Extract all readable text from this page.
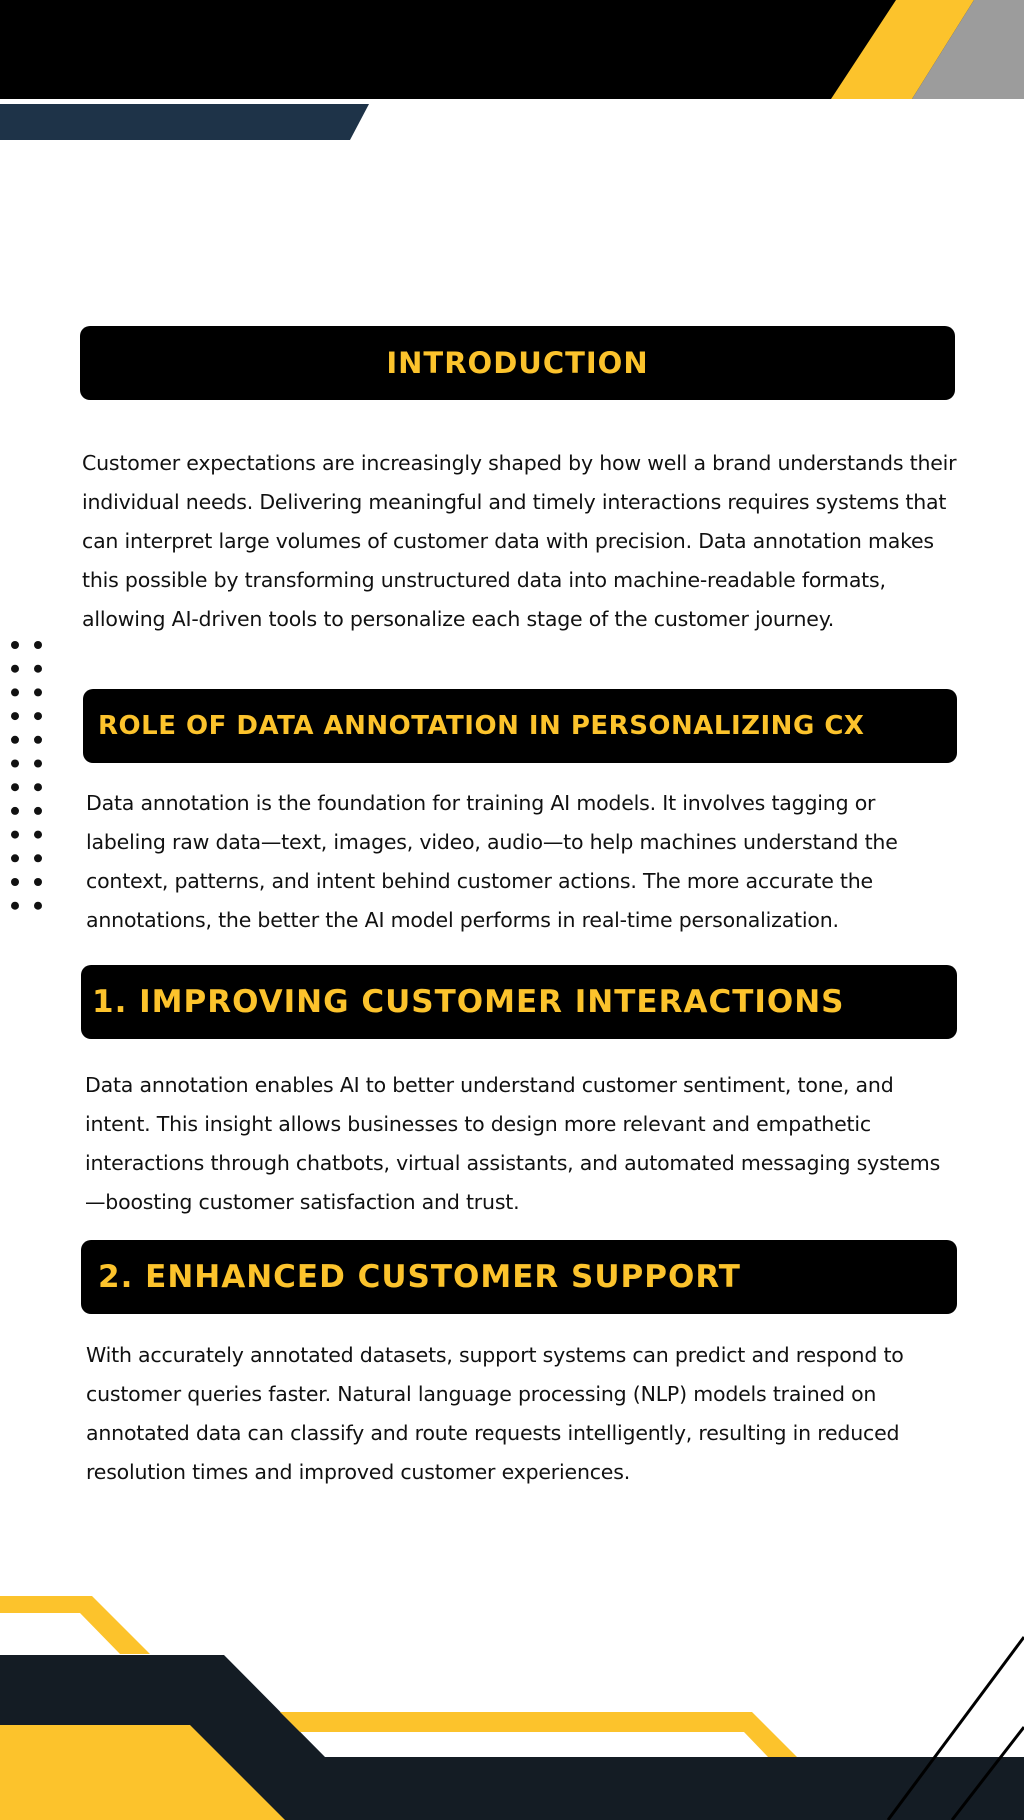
INTRODUCTION

Customer expectations are increasingly shaped by how well a brand understands their individual needs. Delivering meaningful and timely interactions requires systems that can interpret large volumes of customer data with precision. Data annotation makes this possible by transforming unstructured data into machine-readable formats, allowing AI-driven tools to personalize each stage of the customer journey.

ROLE OF DATA ANNOTATION IN PERSONALIZING CX

Data annotation is the foundation for training AI models. It involves tagging or labeling raw data—text, images, video, audio—to help machines understand the context, patterns, and intent behind customer actions. The more accurate the annotations, the better the AI model performs in real-time personalization.

1. IMPROVING CUSTOMER INTERACTIONS

Data annotation enables AI to better understand customer sentiment, tone, and intent. This insight allows businesses to design more relevant and empathetic interactions through chatbots, virtual assistants, and automated messaging systems—boosting customer satisfaction and trust.

2. ENHANCED CUSTOMER SUPPORT

With accurately annotated datasets, support systems can predict and respond to customer queries faster. Natural language processing (NLP) models trained on annotated data can classify and route requests intelligently, resulting in reduced resolution times and improved customer experiences.
